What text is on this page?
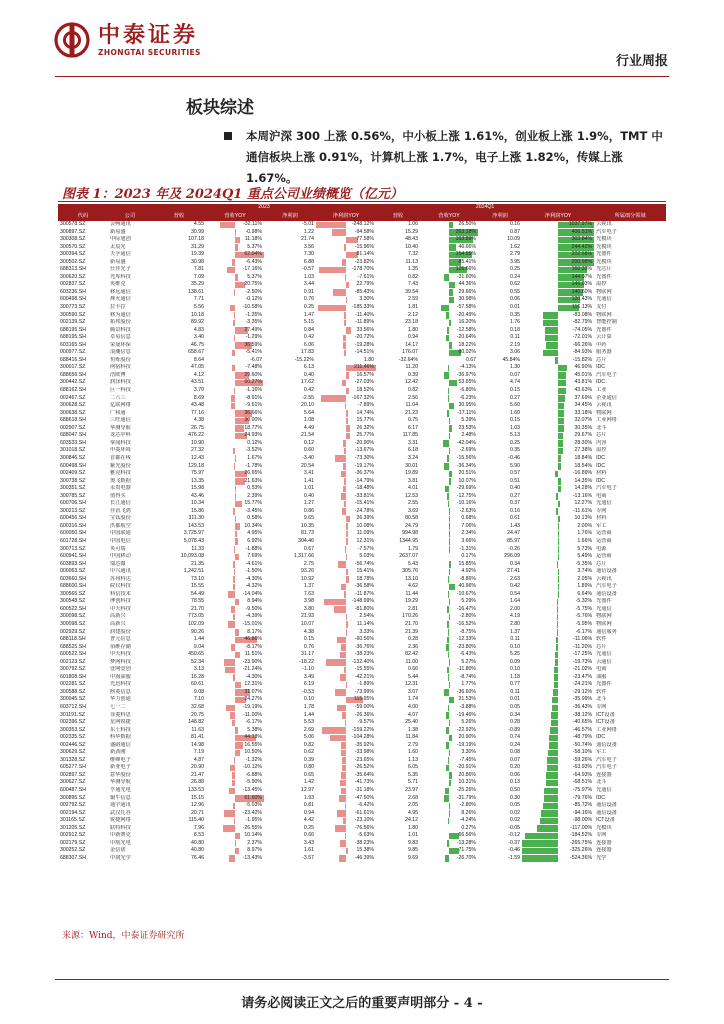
中泰证券
ZHONGTAI SECURITIES
行业周报
板块综述
本周沪深 300 上涨 0.56%，中小板上涨 1.61%，创业板上涨 1.9%，TMT 中通信板块上涨 0.91%，计算机上涨 1.7%，电子上涨 1.82%，传媒上涨 1.67%。
图表 1：2023 年及 2024Q1 重点公司业绩概览（亿元）
		2023				2024Q1				
代码	公司	营收	营收YOY	净利润	净利润YOY	营收	营收YOY	净利润	净利润YOY	所属细分领域
300578.SZ	会畅通讯	4.55	-32.11%	-5.01	-248.12%	1.06	26.50%	0.16	1037.97%	云视讯
300897.SZ	新易盛	30.99	-0.98%	1.22	-94.58%	15.29	263.18%	0.87	406.51%	汽车电子
300308.SZ	中际旭创	107.18	11.18%	21.74	77.58%	48.43	163.89%	10.09	303.84%	光模块
300570.SZ	太辰光	31.29	5.37%	3.56	-15.96%	10.40	46.66%	1.62	244.42%	光模块
300394.SZ	天孚通信	19.39	62.04%	7.30	81.14%	7.32	154.95%	2.79	202.68%	光器件
300502.SZ	新易盛	30.98	-6.43%	6.88	-23.82%	11.13	85.41%	3.95	200.98%	光模块
688313.SH	仕佳光子	7.81	-17.16%	-0.57	-178.70%	1.35	125.66%	0.25	160.33%	光芯片
300620.SZ	光库科技	7.09	5.37%	1.03	-7.61%	0.82	-31.60%	0.24	144.07%	光器件
002837.SZ	英维克	35.29	20.75%	3.44	22.79%	7.43	44.36%	0.62	146.03%	温控
603236.SH	移远通信	138.61	-2.50%	0.91	-85.43%	39.54	29.66%	0.55	140.60%	物联网
600498.SH	烽火通信	7.71	-0.12%	0.76	3.30%	2.59	30.98%	0.06	120.43%	光通信
300773.SZ	拉卡拉	5.56	-10.58%	0.25	-185.33%	1.81	-57.58%	0.01	116.13%	支付
300590.SZ	移为通信	10.18	-1.35%	1.47	-11.40%	2.12	-20.49%	0.35	-83.08%	物联网
002139.SZ	拓邦股份	89.92	-3.35%	5.15	-11.89%	23.18	16.20%	1.76	-82.79%	智能控制
688195.SH	腾景科技	4.83	27.49%	0.84	33.56%	1.80	-12.58%	0.18	-74.05%	光器件
688195.SH	卓易信息	3.40	-1.29%	0.42	-20.72%	0.94	-20.64%	0.11	-72.01%	云计算
603165.SH	荣晟环保	46.75	36.59%	6.06	-19.28%	14.17	18.22%	2.19	-66.26%	中药
000977.SZ	浪潮信息	658.67	-5.41%	17.83	-14.51%	176.07	80.02%	3.06	-84.93%	服务器
688416.SH	恒烁股份	8.64	-6.07	-15.22%	1.80	-32.64%	0.67	45.84%	-15.82%	芯片
300017.SZ	网宿科技	47.05	-7.48%	6.13	211.46%	11.20	-4.13%	1.30	46.90%	IDC
688656.SH	浩欧博	4.12	29.60%	0.40	16.57%	0.39	-36.97%	0.07	45.01%	汽车电子
300442.SZ	润泽科技	43.51	60.27%	17.62	-27.03%	12.42	53.65%	4.74	43.81%	IDC
688162.SH	巨一科技	3.70	-1.16%	0.42	18.52%	0.82	-6.80%	0.15	43.63%	工业
002467.SZ	二六三	8.69	-8.91%	-2.55	-167.32%	2.56	-6.23%	0.27	37.69%	企业通信
300628.SZ	亿联网络	43.48	-9.61%	20.10	-7.89%	11.04	30.95%	5.60	34.45%	云视讯
300638.SZ	广和通	77.16	36.66%	5.64	14.74%	21.23	-17.11%	1.60	33.18%	物联网
688618.SH	三旺通信	4.38	30.00%	1.08	15.77%	0.75	5.39%	0.15	32.07%	工业网络
002907.SZ	华测导航	26.75	18.77%	4.49	26.32%	6.17	23.53%	1.03	30.35%	北斗
688047.SH	龙芯中科	476.22	24.93%	21.54	25.77%	117.85	2.48%	5.13	29.67%	芯片
603533.SH	掌阅科技	10.90	0.12%	0.12	-20.90%	3.31	-42.04%	0.25	28.30%	内容
301018.SZ	申菱环境	27.32	-3.52%	0.60	-13.67%	6.18	-2.69%	0.35	27.38%	温控
300846.SZ	首都在线	12.43	1.67%	-3.40	-73.30%	3.24	-15.56%	-0.46	18.84%	IDC
600498.SH	紫光股份	129.18	-1.78%	20.54	-19.17%	30.01	-36.34%	5.90	18.54%	IDC
002409.SZ	雅克科技	75.97	26.65%	3.41	-36.37%	19.89	20.51%	0.57	-16.89%	材料
300738.SZ	奥飞数据	13.35	21.63%	1.41	-14.79%	3.81	10.07%	0.51	14.35%	IDC
300351.SZ	永贵电器	15.98	0.53%	1.01	-18.48%	4.01	-29.69%	0.40	14.28%	汽车电子
300785.SZ	值得买	43.46	2.39%	0.40	-33.81%	12.53	-12.75%	0.27	-13.16%	电商
600706.SH	长江通信	10.34	15.77%	1.27	-15.41%	2.55	-10.16%	0.37	12.27%	光通信
300213.SZ	佳讯飞鸿	15.86	-3.45%	0.86	-24.78%	3.69	-2.63%	0.16	-11.61%	专网
600456.SH	宝钛股份	311.30	0.58%	9.65	26.39%	80.58	0.68%	0.61	10.13%	材料
600316.SH	洪都航空	143.53	10.34%	10.35	10.08%	24.79	7.06%	1.43	2.00%	军工
600050.SH	中国联通	3,725.97	4.95%	81.73	11.09%	994.98	2.34%	24.47	1.76%	运营商
601728.SH	中国电信	5,078.43	6.92%	304.46	12.31%	1344.95	3.66%	85.97	1.66%	运营商
300713.SZ	英可瑞	11.33	-1.88%	0.67	-7.57%	1.79	-1.31%	-0.26	5.73%	电源
600941.SH	中国移动	10,093.08	7.69%	1,317.66	5.03%	2637.07	0.17%	296.09	5.49%	运营商
603893.SH	瑞芯微	21.35	-4.61%	2.75	-56.74%	5.43	15.85%	0.34	-5.35%	芯片
000063.SZ	中兴通讯	1,242.51	-1.50%	93.26	15.41%	305.76	4.92%	27.41	3.74%	通信设备
603660.SH	苏州科达	73.10	-4.30%	10.92	18.78%	13.10	-8.86%	2.63	2.05%	云视讯
688600.SH	皖仪科技	15.55	-4.32%	1.37	-36.58%	4.62	40.96%	0.42	1.89%	汽车电子
300565.SZ	科信技术	54.49	-14.04%	7.63	-11.87%	11.44	-10.67%	0.54	6.64%	通信设备
300548.SZ	博创科技	78.55	8.94%	3.98	-148.99%	19.29	5.29%	1.64	-5.32%	光器件
600522.SH	中天科技	21.70	-9.50%	3.80	-81.80%	2.81	-16.47%	2.00	-5.75%	光通信
300098.SZ	高新兴	773.05	-4.39%	21.93	2.54%	170.26	-2.80%	4.19	-5.76%	物联网
300098.SZ	高新兴	102.09	-15.01%	10.07	11.14%	21.70	-16.52%	2.80	-5.95%	物联网
002929.SZ	润建股份	90.26	8.17%	4.38	3.33%	21.39	-8.75%	1.37	-6.17%	通信服务
688118.SH	普元信息	1.44	46.86%	0.15	-60.56%	0.28	-12.33%	0.11	-11.06%	软件
688525.SH	佰维存储	9.04	-8.17%	0.76	-36.76%	2.36	-23.80%	0.10	-11.20%	芯片
600522.SH	中天科技	450.65	11.51%	31.17	-38.23%	82.42	-6.43%	5.25	-17.25%	光通信
002123.SZ	梦网科技	52.34	-23.90%	-18.22	-132.40%	11.00	5.27%	0.09	-19.73%	云通信
300792.SZ	壹网壹创	3.13	-21.24%	-1.10	-15.55%	0.66	-11.80%	0.10	-21.02%	电商
601808.SH	中海油服	16.28	-4.30%	3.49	-42.21%	5.44	-8.74%	1.18	-23.47%	油服
002281.SZ	光迅科技	60.61	12.31%	6.19	-1.89%	12.31	1.77%	0.77	-24.21%	光器件
300588.SZ	熙菱信息	9.08	31.07%	-0.53	-73.99%	3.07	-36.60%	0.11	-29.12%	软件
300045.SZ	华力创通	7.10	24.27%	0.10	115.95%	1.74	31.53%	0.01	-35.99%	北斗
603712.SH	七一二	32.68	-19.19%	1.78	-59.00%	4.00	-3.88%	0.05	-36.43%	专网
301191.SZ	菲菱科思	20.75	-11.00%	1.44	-26.36%	4.07	-19.46%	0.34	-38.12%	ICT设备
002396.SZ	星网锐捷	148.82	-6.17%	5.53	-9.57%	25.40	5.26%	0.28	-40.65%	ICT设备
300353.SZ	东土科技	11.63	5.38%	2.69	-159.22%	1.38	-22.92%	-0.89	-46.57%	工业网络
002335.SZ	科华数据	81.41	44.13%	5.06	-104.28%	11.84	20.90%	0.74	-48.79%	IDC
002446.SZ	盛路通信	14.98	16.55%	0.82	-35.92%	2.79	-19.19%	0.24	-50.74%	通信设备
300629.SZ	新劲刚	7.19	10.50%	0.62	-33.98%	1.60	3.30%	0.08	-58.10%	军工
301328.SZ	维峰电子	4.87	-1.32%	0.39	-23.65%	1.13	-7.45%	0.07	-59.26%	汽车电子
605277.SH	新亚电子	20.90	-10.12%	0.80	-26.52%	6.05	-20.91%	0.20	-63.93%	汽车电子
002897.SZ	意华股份	21.47	-6.88%	0.65	-35.64%	5.35	20.86%	0.06	-64.93%	连接器
300627.SZ	华测导航	26.88	-5.90%	1.42	-41.73%	5.71	10.31%	0.13	-68.51%	北斗
600487.SH	亨通光电	133.53	-13.45%	12.97	-31.18%	23.97	-25.26%	0.50	-75.97%	光通信
300895.SZ	铜牛信息	15.15	61.60%	1.93	-47.50%	2.68	-31.79%	0.30	-79.76%	IDC
002792.SZ	通宇通讯	12.96	-5.03%	0.81	-6.42%	2.05	-2.80%	0.05	-85.72%	通信设备
002194.SZ	武汉凡谷	20.71	-23.42%	0.94	-61.61%	4.95	8.26%	0.02	-94.16%	通信设备
301165.SZ	锐捷网络	115.40	-1.95%	4.42	-23.10%	24.12	-4.24%	0.02	-98.00%	ICT设备
301205.SZ	联特科技	7.96	-26.55%	0.25	-76.56%	1.80	0.27%	-0.05	-117.00%	光模块
002912.SZ	中新赛克	8.53	10.14%	0.66	-5.63%	1.01	66.56%	-0.12	-184.52%	专网
002179.SZ	中航光电	40.80	2.37%	3.43	-38.23%	9.83	-13.28%	-0.37	-265.75%	连接器
300252.SZ	金信诺	40.80	8.97%	1.61	15.38%	9.85	71.75%	-0.46	-325.26%	连接器
688307.SH	中润光学	76.46	-13.43%	-3.57	-46.39%	9.69	-26.70%	-1.59	-524.36%	光学
来源：Wind，中泰证券研究所
请务必阅读正文之后的重要声明部分 - 4 -
